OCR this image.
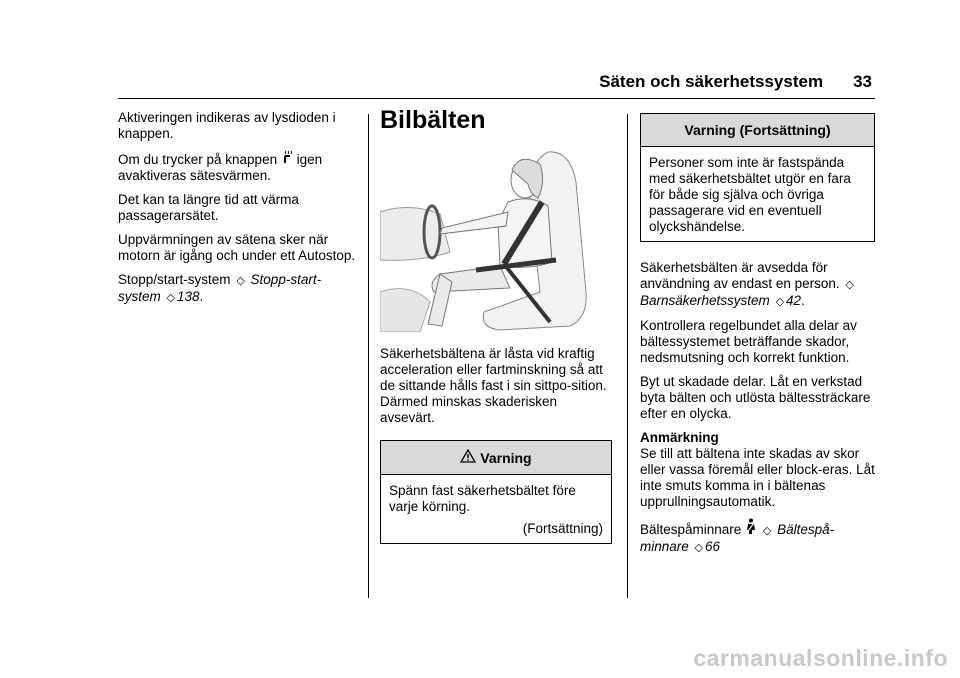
Säten och säkerhetssystem 33

Aktiveringen indikeras av lysdioden i knappen.

Om du trycker på knappen igen avaktiveras sätesvärmen.

Det kan ta längre tid att värma passagerarsätet.

Uppvärmningen av sätena sker när motorn är igång och under ett Autostop.

Stopp/start-system ◇ Stopp-start-system ◇ 138.

Bilbälten

Säkerhetsbältena är låsta vid kraftig acceleration eller fartminskning så att de sittande hålls fast i sin sittpo-sition. Därmed minskas skaderisken avsevärt.

Varning
Spänn fast säkerhetsbältet före varje körning.
(Fortsättning)
Varning (Fortsättning)
Personer som inte är fastspända med säkerhetsbältet utgör en fara för både sig själva och övriga passagerare vid en eventuell olyckshändelse.

Säkerhetsbälten är avsedda för användning av endast en person. ◇ Barnsäkerhetssystem ◇ 42.

Kontrollera regelbundet alla delar av bältessystemet beträffande skador, nedsmutsning och korrekt funktion.

Byt ut skadade delar. Låt en verkstad byta bälten och utlösta bältessträckare efter en olycka.

Anmärkning

Se till att bältena inte skadas av skor eller vassa föremål eller block-eras. Låt inte smuts komma in i bältenas upprullningsautomatik.

Bältespåminnare ◇ Bältespå-minnare ◇ 66

carmanualsonline.info
